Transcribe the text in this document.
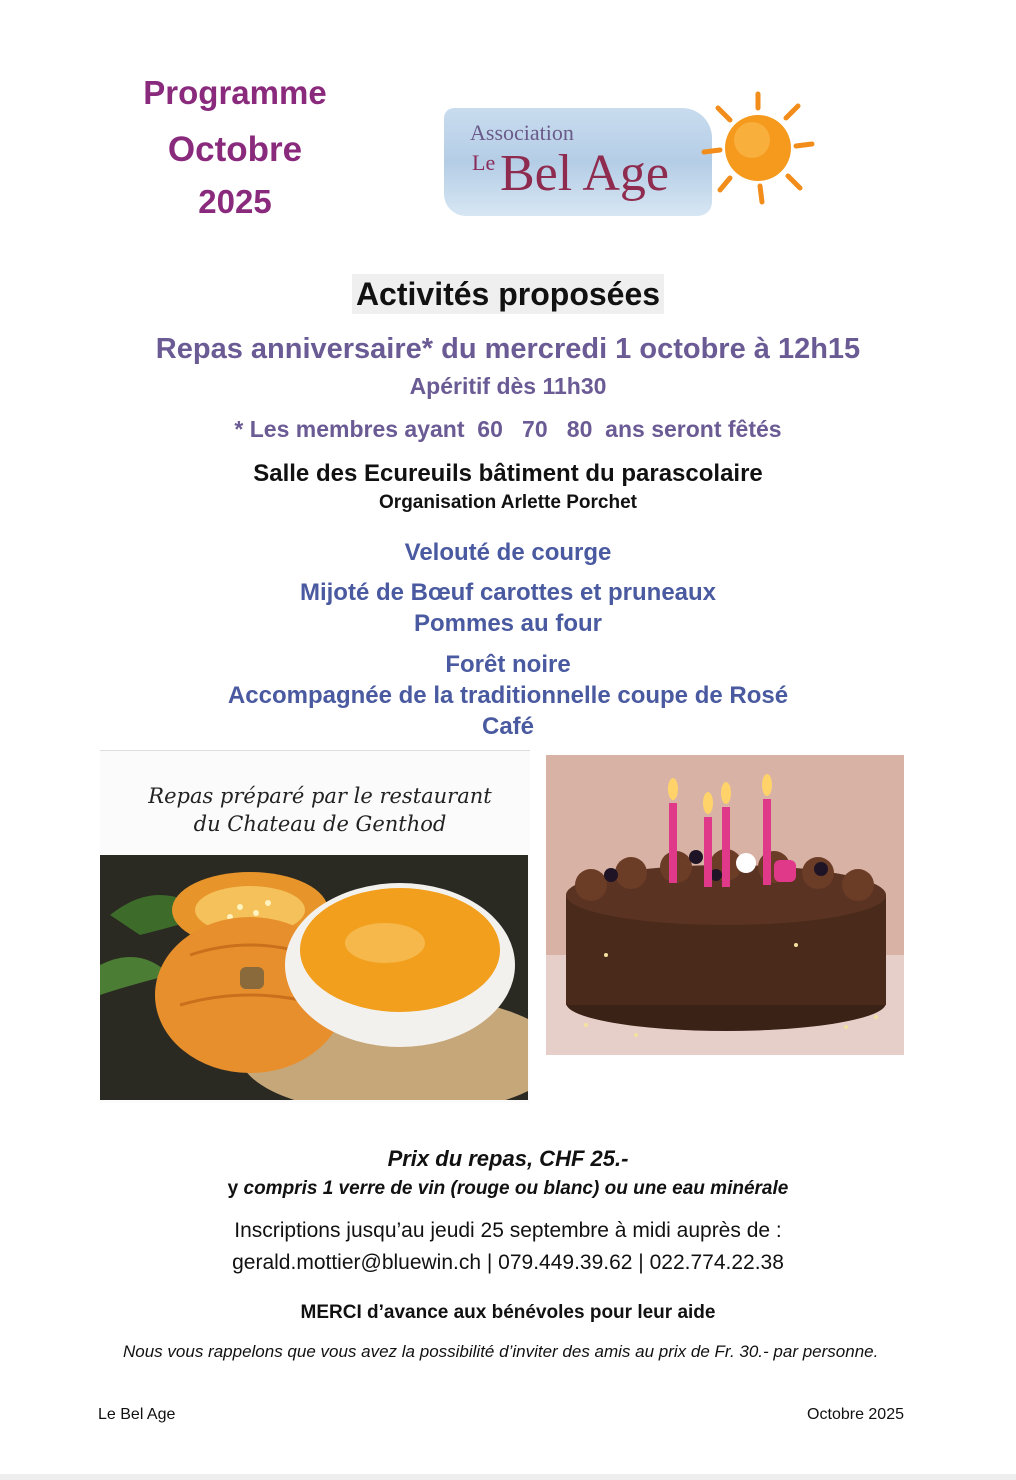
Programme
Octobre
2025
Association
Le Bel Age
Activités proposées
Repas anniversaire* du mercredi 1 octobre à 12h15
Apéritif dès 11h30
* Les membres ayant  60   70   80  ans seront fêtés
Salle des Ecureuils bâtiment du parascolaire
Organisation Arlette Porchet
Velouté de courge
Mijoté de Bœuf carottes et pruneaux
Pommes au four
Forêt noire
Accompagnée de la traditionnelle coupe de Rosé
Café
Repas préparé par le restaurant
du Chateau de Genthod
Prix du repas, CHF 25.-
y compris 1 verre de vin (rouge ou blanc) ou une eau minérale
Inscriptions jusqu’au jeudi 25 septembre à midi auprès de :
gerald.mottier@bluewin.ch | 079.449.39.62 | 022.774.22.38
MERCI d’avance aux bénévoles pour leur aide
Nous vous rappelons que vous avez la possibilité d’inviter des amis au prix de Fr. 30.- par personne.
Le Bel Age	Octobre 2025
